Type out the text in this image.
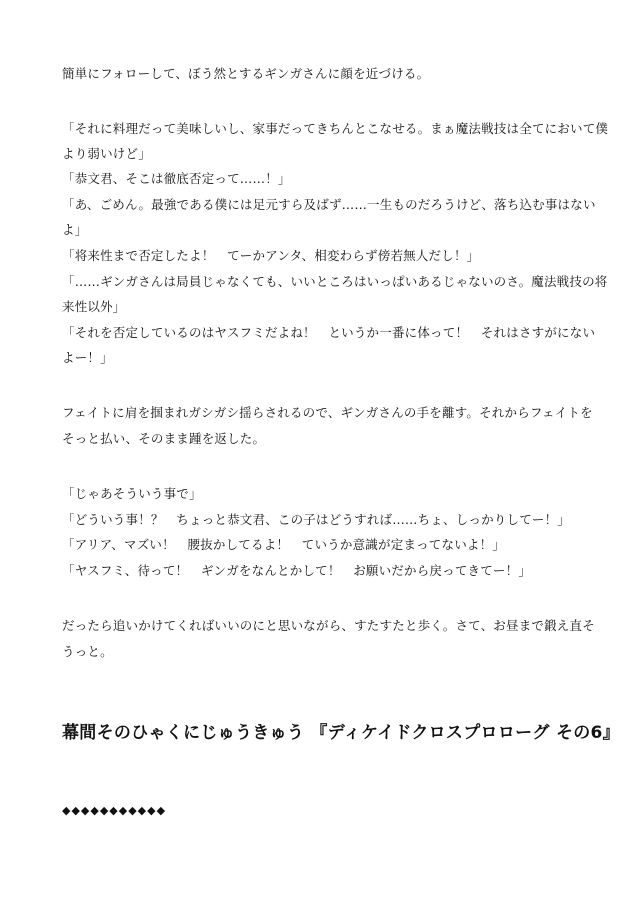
簡単にフォローして、ぼう然とするギンガさんに顔を近づける。
「それに料理だって美味しいし、家事だってきちんとこなせる。まぁ魔法戦技は全てにおいて僕
より弱いけど」
「恭文君、そこは徹底否定って……！」
「あ、ごめん。最強である僕には足元すら及ばず……一生ものだろうけど、落ち込む事はない
よ」
「将来性まで否定したよ！　てーかアンタ、相変わらず傍若無人だし！」
「……ギンガさんは局員じゃなくても、いいところはいっぱいあるじゃないのさ。魔法戦技の将
来性以外」
「それを否定しているのはヤスフミだよね！　というか一番に体って！　それはさすがにない
よー！」
フェイトに肩を掴まれガシガシ揺らされるので、ギンガさんの手を離す。それからフェイトを
そっと払い、そのまま踵を返した。
「じゃあそういう事で」
「どういう事！？　ちょっと恭文君、この子はどうすれば……ちょ、しっかりしてー！」
「アリア、マズい！　腰抜かしてるよ！　ていうか意識が定まってないよ！」
「ヤスフミ、待って！　ギンガをなんとかして！　お願いだから戻ってきてー！」
だったら追いかけてくればいいのにと思いながら、すたすたと歩く。さて、お昼まで鍛え直そ
うっと。
幕間そのひゃくにじゅうきゅう 『ディケイドクロスプロローグ その6』
◆◆◆◆◆◆◆◆◆◆◆
